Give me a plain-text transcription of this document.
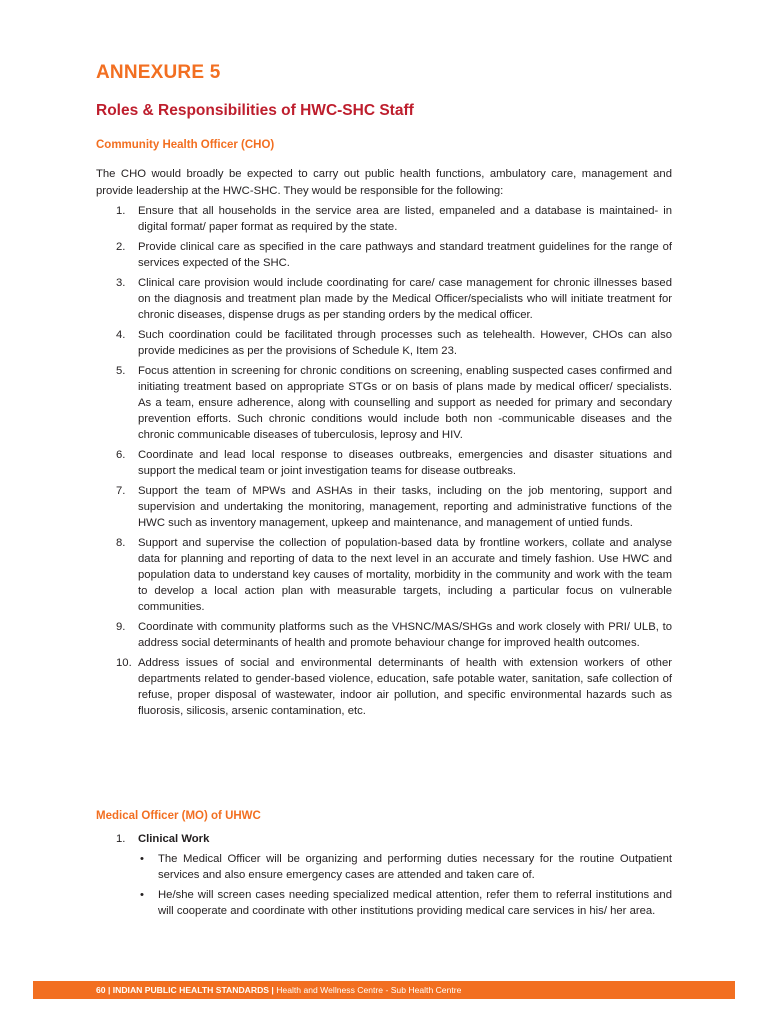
ANNEXURE 5
Roles & Responsibilities of HWC-SHC Staff
Community Health Officer (CHO)

The CHO would broadly be expected to carry out public health functions, ambulatory care, management and provide leadership at the HWC-SHC. They would be responsible for the following:

1.	Ensure that all households in the service area are listed, empaneled and a database is maintained- in digital format/ paper format as required by the state.
2.	Provide clinical care as specified in the care pathways and standard treatment guidelines for the range of services expected of the SHC.
3.	Clinical care provision would include coordinating for care/ case management for chronic illnesses based on the diagnosis and treatment plan made by the Medical Officer/specialists who will initiate treatment for chronic diseases, dispense drugs as per standing orders by the medical officer.
4.	Such coordination could be facilitated through processes such as telehealth. However, CHOs can also provide medicines as per the provisions of Schedule K, Item 23.
5.	Focus attention in screening for chronic conditions on screening, enabling suspected cases confirmed and initiating treatment based on appropriate STGs or on basis of plans made by medical officer/ specialists. As a team, ensure adherence, along with counselling and support as needed for primary and secondary prevention efforts. Such chronic conditions would include both non -communicable diseases and the chronic communicable diseases of tuberculosis, leprosy and HIV.
6.	Coordinate and lead local response to diseases outbreaks, emergencies and disaster situations and support the medical team or joint investigation teams for disease outbreaks.
7.	Support the team of MPWs and ASHAs in their tasks, including on the job mentoring, support and supervision and undertaking the monitoring, management, reporting and administrative functions of the HWC such as inventory management, upkeep and maintenance, and management of untied funds.
8.	Support and supervise the collection of population-based data by frontline workers, collate and analyse data for planning and reporting of data to the next level in an accurate and timely fashion. Use HWC and population data to understand key causes of mortality, morbidity in the community and work with the team to develop a local action plan with measurable targets, including a particular focus on vulnerable communities.
9.	Coordinate with community platforms such as the VHSNC/MAS/SHGs and work closely with PRI/ ULB, to address social determinants of health and promote behaviour change for improved health outcomes.
10. Address issues of social and environmental determinants of health with extension workers of other departments related to gender-based violence, education, safe potable water, sanitation, safe collection of refuse, proper disposal of wastewater, indoor air pollution, and specific environmental hazards such as fluorosis, silicosis, arsenic contamination, etc.
Medical Officer (MO) of UHWC
1. Clinical Work
• The Medical Officer will be organizing and performing duties necessary for the routine Outpatient services and also ensure emergency cases are attended and taken care of.
• He/she will screen cases needing specialized medical attention, refer them to referral institutions and will cooperate and coordinate with other institutions providing medical care services in his/ her area.
60 | INDIAN PUBLIC HEALTH STANDARDS | Health and Wellness Centre - Sub Health Centre
